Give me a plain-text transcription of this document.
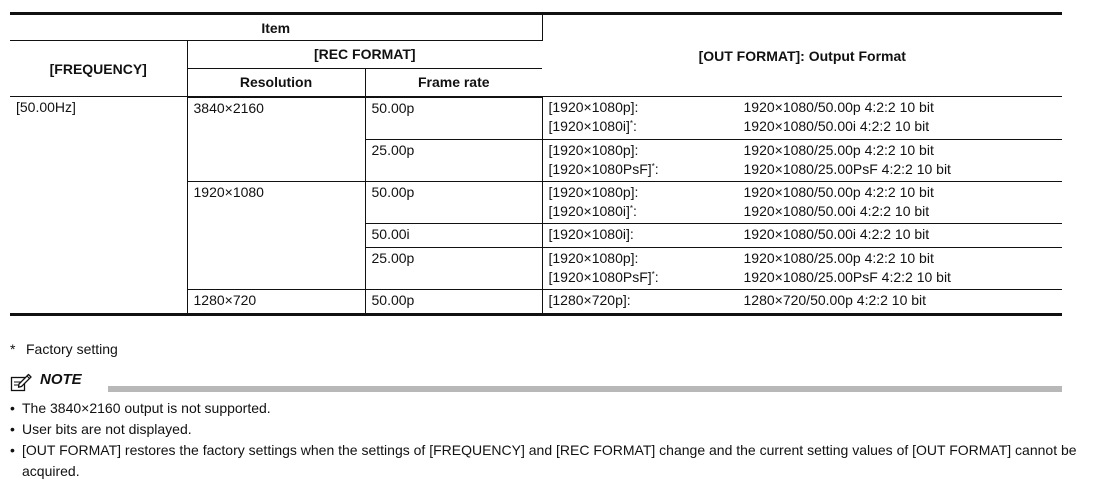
Item			[OUT FORMAT]: Output Format
[FREQUENCY]	[REC FORMAT]		
	Resolution	Frame rate	

[50.00Hz]	3840×2160	50.00p	[1920×1080p]: 1920×1080/50.00p 4:2:2 10 bit
[1920×1080i]*: 1920×1080/50.00i 4:2:2 10 bit

		25.00p	[1920×1080p]: 1920×1080/25.00p 4:2:2 10 bit
[1920×1080PsF]*: 1920×1080/25.00PsF 4:2:2 10 bit

	1920×1080	50.00p	[1920×1080p]: 1920×1080/50.00p 4:2:2 10 bit
[1920×1080i]*: 1920×1080/50.00i 4:2:2 10 bit

		50.00i	[1920×1080i]: 1920×1080/50.00i 4:2:2 10 bit

		25.00p	[1920×1080p]: 1920×1080/25.00p 4:2:2 10 bit
[1920×1080PsF]*: 1920×1080/25.00PsF 4:2:2 10 bit

	1280×720	50.00p	[1280×720p]: 1280×720/50.00p 4:2:2 10 bit
* Factory setting
NOTE
• The 3840×2160 output is not supported.
• User bits are not displayed.
• [OUT FORMAT] restores the factory settings when the settings of [FREQUENCY] and [REC FORMAT] change and the current setting values of [OUT FORMAT] cannot be acquired.
